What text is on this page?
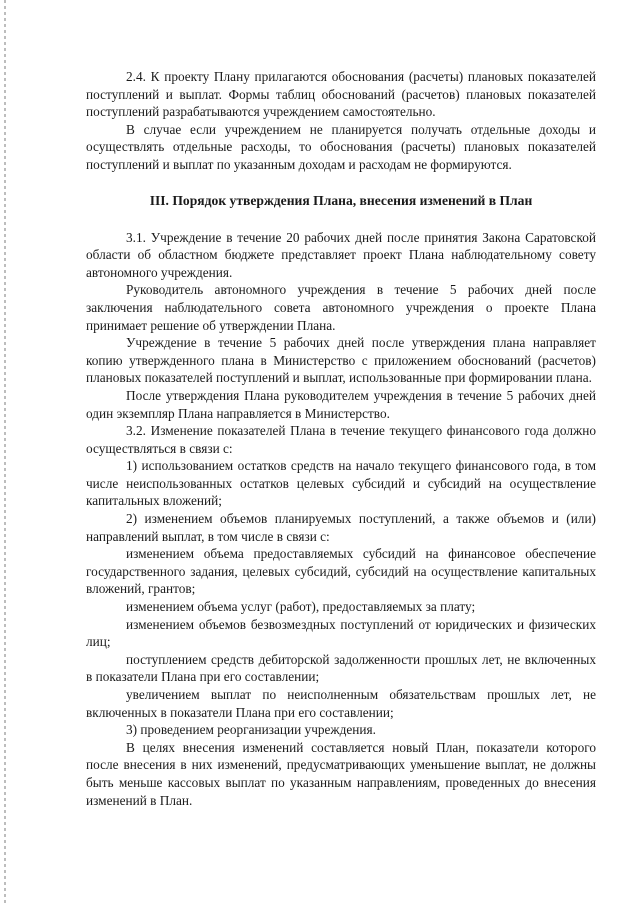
2.4. К проекту Плану прилагаются обоснования (расчеты) плановых показателей поступлений и выплат. Формы таблиц обоснований (расчетов) плановых показателей поступлений разрабатываются учреждением самостоятельно.

В случае если учреждением не планируется получать отдельные доходы и осуществлять отдельные расходы, то обоснования (расчеты) плановых показателей поступлений и выплат по указанным доходам и расходам не формируются.

III. Порядок утверждения Плана, внесения изменений в План

3.1. Учреждение в течение 20 рабочих дней после принятия Закона Саратовской области об областном бюджете представляет проект Плана наблюдательному совету автономного учреждения.

Руководитель автономного учреждения в течение 5 рабочих дней после заключения наблюдательного совета автономного учреждения о проекте Плана принимает решение об утверждении Плана.

Учреждение в течение 5 рабочих дней после утверждения плана направляет копию утвержденного плана в Министерство с приложением обоснований (расчетов) плановых показателей поступлений и выплат, использованные при формировании плана.

После утверждения Плана руководителем учреждения в течение 5 рабочих дней один экземпляр Плана направляется в Министерство.

3.2. Изменение показателей Плана в течение текущего финансового года должно осуществляться в связи с:

1) использованием остатков средств на начало текущего финансового года, в том числе неиспользованных остатков целевых субсидий и субсидий на осуществление капитальных вложений;

2) изменением объемов планируемых поступлений, а также объемов и (или) направлений выплат, в том числе в связи с:

изменением объема предоставляемых субсидий на финансовое обеспечение государственного задания, целевых субсидий, субсидий на осуществление капитальных вложений, грантов;

изменением объема услуг (работ), предоставляемых за плату;

изменением объемов безвозмездных поступлений от юридических и физических лиц;

поступлением средств дебиторской задолженности прошлых лет, не включенных в показатели Плана при его составлении;

увеличением выплат по неисполненным обязательствам прошлых лет, не включенных в показатели Плана при его составлении;

3) проведением реорганизации учреждения.

В целях внесения изменений составляется новый План, показатели которого после внесения в них изменений, предусматривающих уменьшение выплат, не должны быть меньше кассовых выплат по указанным направлениям, проведенных до внесения изменений в План.
